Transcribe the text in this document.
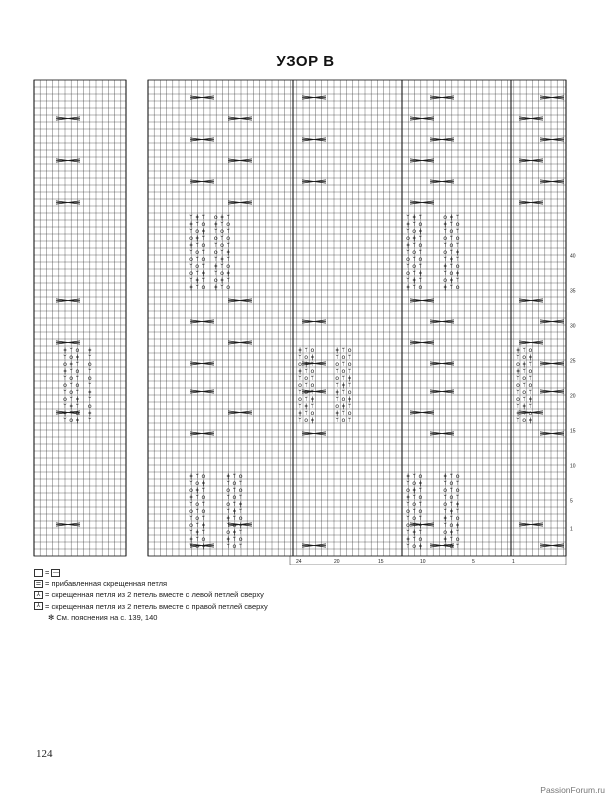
УЗОР B
ᛘ ǂ ᛘ o ǂ ᛘ
ǂ ᛘ o ǂ ᛘ o
ᛘ o ǂ ᛘ o ᛘ
o ǂ ᛘ o ᛘ o
ǂ ᛘ o ᛘ o ᛘ
ᛘ o ᛘ o ᛘ ǂ
o ᛘ o ᛘ ǂ ᛘ
ᛘ o ᛘ ǂ ᛘ o
o ᛘ ǂ ᛘ o ǂ
ᛘ ǂ ᛘ o ǂ ᛘ
ǂ ᛘ o ǂ ᛘ o
ᛘ ǂ ᛘ	o ǂ ᛘ
ǂ ᛘ o	ǂ ᛘ o
ᛘ o ǂ	ᛘ o ᛘ
o ǂ ᛘ	o ᛘ o
ǂ ᛘ o	ᛘ o ᛘ
ᛘ o ᛘ	o ᛘ ǂ
o ᛘ o	ᛘ ǂ ᛘ
ᛘ o ᛘ	ǂ ᛘ o
o ᛘ ǂ	ᛘ o ǂ
ᛘ ǂ ᛘ	o ǂ ᛘ
ǂ ᛘ o	ǂ ᛘ o
ǂ ᛘ o ǂ
ᛘ o ǂ ᛘ
o ǂ ᛘ o
ǂ ᛘ o ᛘ
ᛘ o ᛘ o
o ᛘ o ᛘ
ᛘ o ᛘ ǂ
o ᛘ ǂ ᛘ
ᛘ ǂ ᛘ o
ǂ ᛘ o ǂ
ᛘ o ǂ ᛘ
ǂ ᛘ o	ǂ ᛘ o
ᛘ o ǂ	ᛘ o ᛘ
o ǂ ᛘ	o ᛘ o
ǂ ᛘ o	ᛘ o ᛘ
ᛘ o ᛘ	o ᛘ ǂ
o ᛘ o	ᛘ ǂ ᛘ
ᛘ o ᛘ	ǂ ᛘ o
o ᛘ ǂ	ᛘ o ǂ
ᛘ ǂ ᛘ	o ǂ ᛘ
ǂ ᛘ o	ǂ ᛘ o
ᛘ o ǂ	ᛘ o ᛘ
ǂ ᛘ o
ᛘ o ǂ
o ǂ ᛘ
ǂ ᛘ o
ᛘ o ᛘ
o ᛘ o
ᛘ o ᛘ
o ᛘ ǂ
ᛘ ǂ ᛘ
ǂ ᛘ o
ᛘ o ǂ
ǂ ᛘ o	ǂ ᛘ o
ᛘ o ǂ	ᛘ o ᛘ
o ǂ ᛘ	o ᛘ o
ǂ ᛘ o	ᛘ o ᛘ
ᛘ o ᛘ	o ᛘ ǂ
o ᛘ o	ᛘ ǂ ᛘ
ᛘ o ᛘ	ǂ ᛘ o
o ᛘ ǂ	ᛘ o ǂ
ᛘ ǂ ᛘ	o ǂ ᛘ
ǂ ᛘ o	ǂ ᛘ o
ᛘ o ǂ	ᛘ o ᛘ
ǂ ᛘ o	ǂ ᛘ o
ᛘ o ǂ	ᛘ o ᛘ
o ǂ ᛘ	o ᛘ o
ǂ ᛘ o	ᛘ o ᛘ
ᛘ o ᛘ	o ᛘ ǂ
o ᛘ o	ᛘ ǂ ᛘ
ᛘ o ᛘ	ǂ ᛘ o
o ᛘ ǂ	ᛘ o ǂ
ᛘ ǂ ᛘ	o ǂ ᛘ
ǂ ᛘ o	ǂ ᛘ o
ᛘ o ǂ	ᛘ o ᛘ
1
5
10
15
20
25
30
35
40
24	20	15	10	5	1
= —
⚌ = прибавленная скрещенная петля
⅄ = скрещенная петля из 2 петель вместе с левой петлей сверху
⅄ = скрещенная петля из 2 петель вместе с правой петлей сверху
✻ См. пояснения на с. 139, 140
124
PassionForum.ru
